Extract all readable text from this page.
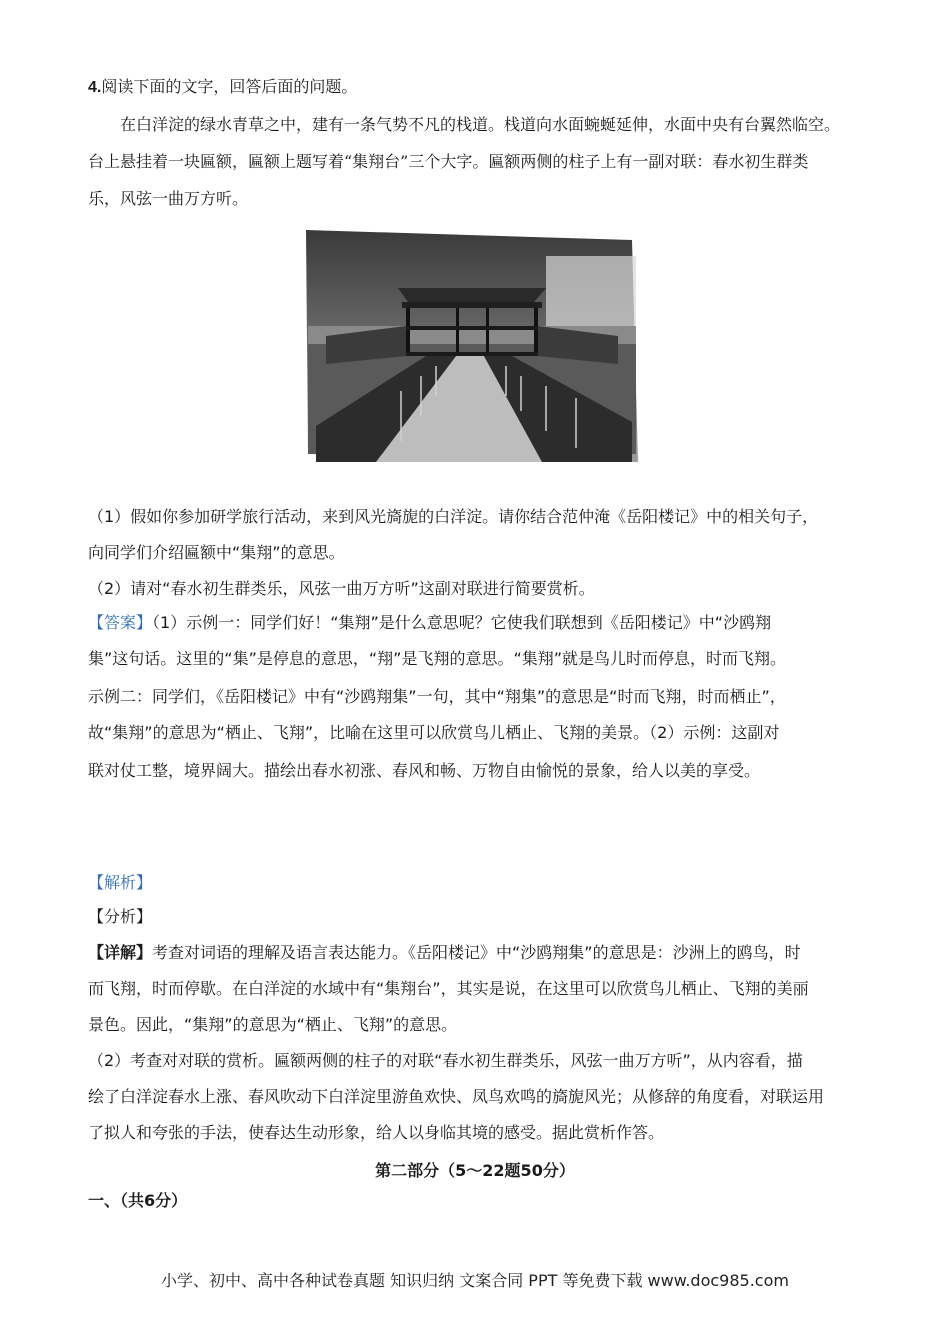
4.阅读下面的文字，回答后面的问题。
在白洋淀的绿水青草之中，建有一条气势不凡的栈道。栈道向水面蜿蜒延伸，水面中央有台翼然临空。
台上悬挂着一块匾额，匾额上题写着“集翔台”三个大字。匾额两侧的柱子上有一副对联：春水初生群类
乐，风弦一曲万方听。
（1）假如你参加研学旅行活动，来到风光旖旎的白洋淀。请你结合范仲淹《岳阳楼记》中的相关句子，
向同学们介绍匾额中“集翔”的意思。
（2）请对“春水初生群类乐，风弦一曲万方听”这副对联进行简要赏析。
【答案】（1）示例一：同学们好！“集翔”是什么意思呢？它使我们联想到《岳阳楼记》中“沙鸥翔
集”这句话。这里的“集”是停息的意思，“翔”是飞翔的意思。“集翔”就是鸟儿时而停息，时而飞翔。
示例二：同学们，《岳阳楼记》中有“沙鸥翔集”一句，其中“翔集”的意思是“时而飞翔，时而栖止”，
故“集翔”的意思为“栖止、飞翔”，比喻在这里可以欣赏鸟儿栖止、飞翔的美景。（2）示例：这副对
联对仗工整，境界阔大。描绘出春水初涨、春风和畅、万物自由愉悦的景象，给人以美的享受。
【解析】
【分析】
【详解】考查对词语的理解及语言表达能力。《岳阳楼记》中“沙鸥翔集”的意思是：沙洲上的鸥鸟，时
而飞翔，时而停歇。在白洋淀的水域中有“集翔台”，其实是说，在这里可以欣赏鸟儿栖止、飞翔的美丽
景色。因此，“集翔”的意思为“栖止、飞翔”的意思。
（2）考查对对联的赏析。匾额两侧的柱子的对联“春水初生群类乐，风弦一曲万方听”，从内容看，描
绘了白洋淀春水上涨、春风吹动下白洋淀里游鱼欢快、凤鸟欢鸣的旖旎风光；从修辞的角度看，对联运用
了拟人和夸张的手法，使春达生动形象，给人以身临其境的感受。据此赏析作答。
第二部分（5～22题50分）
一、（共6分）
小学、初中、高中各种试卷真题 知识归纳 文案合同 PPT 等免费下载 www.doc985.com
